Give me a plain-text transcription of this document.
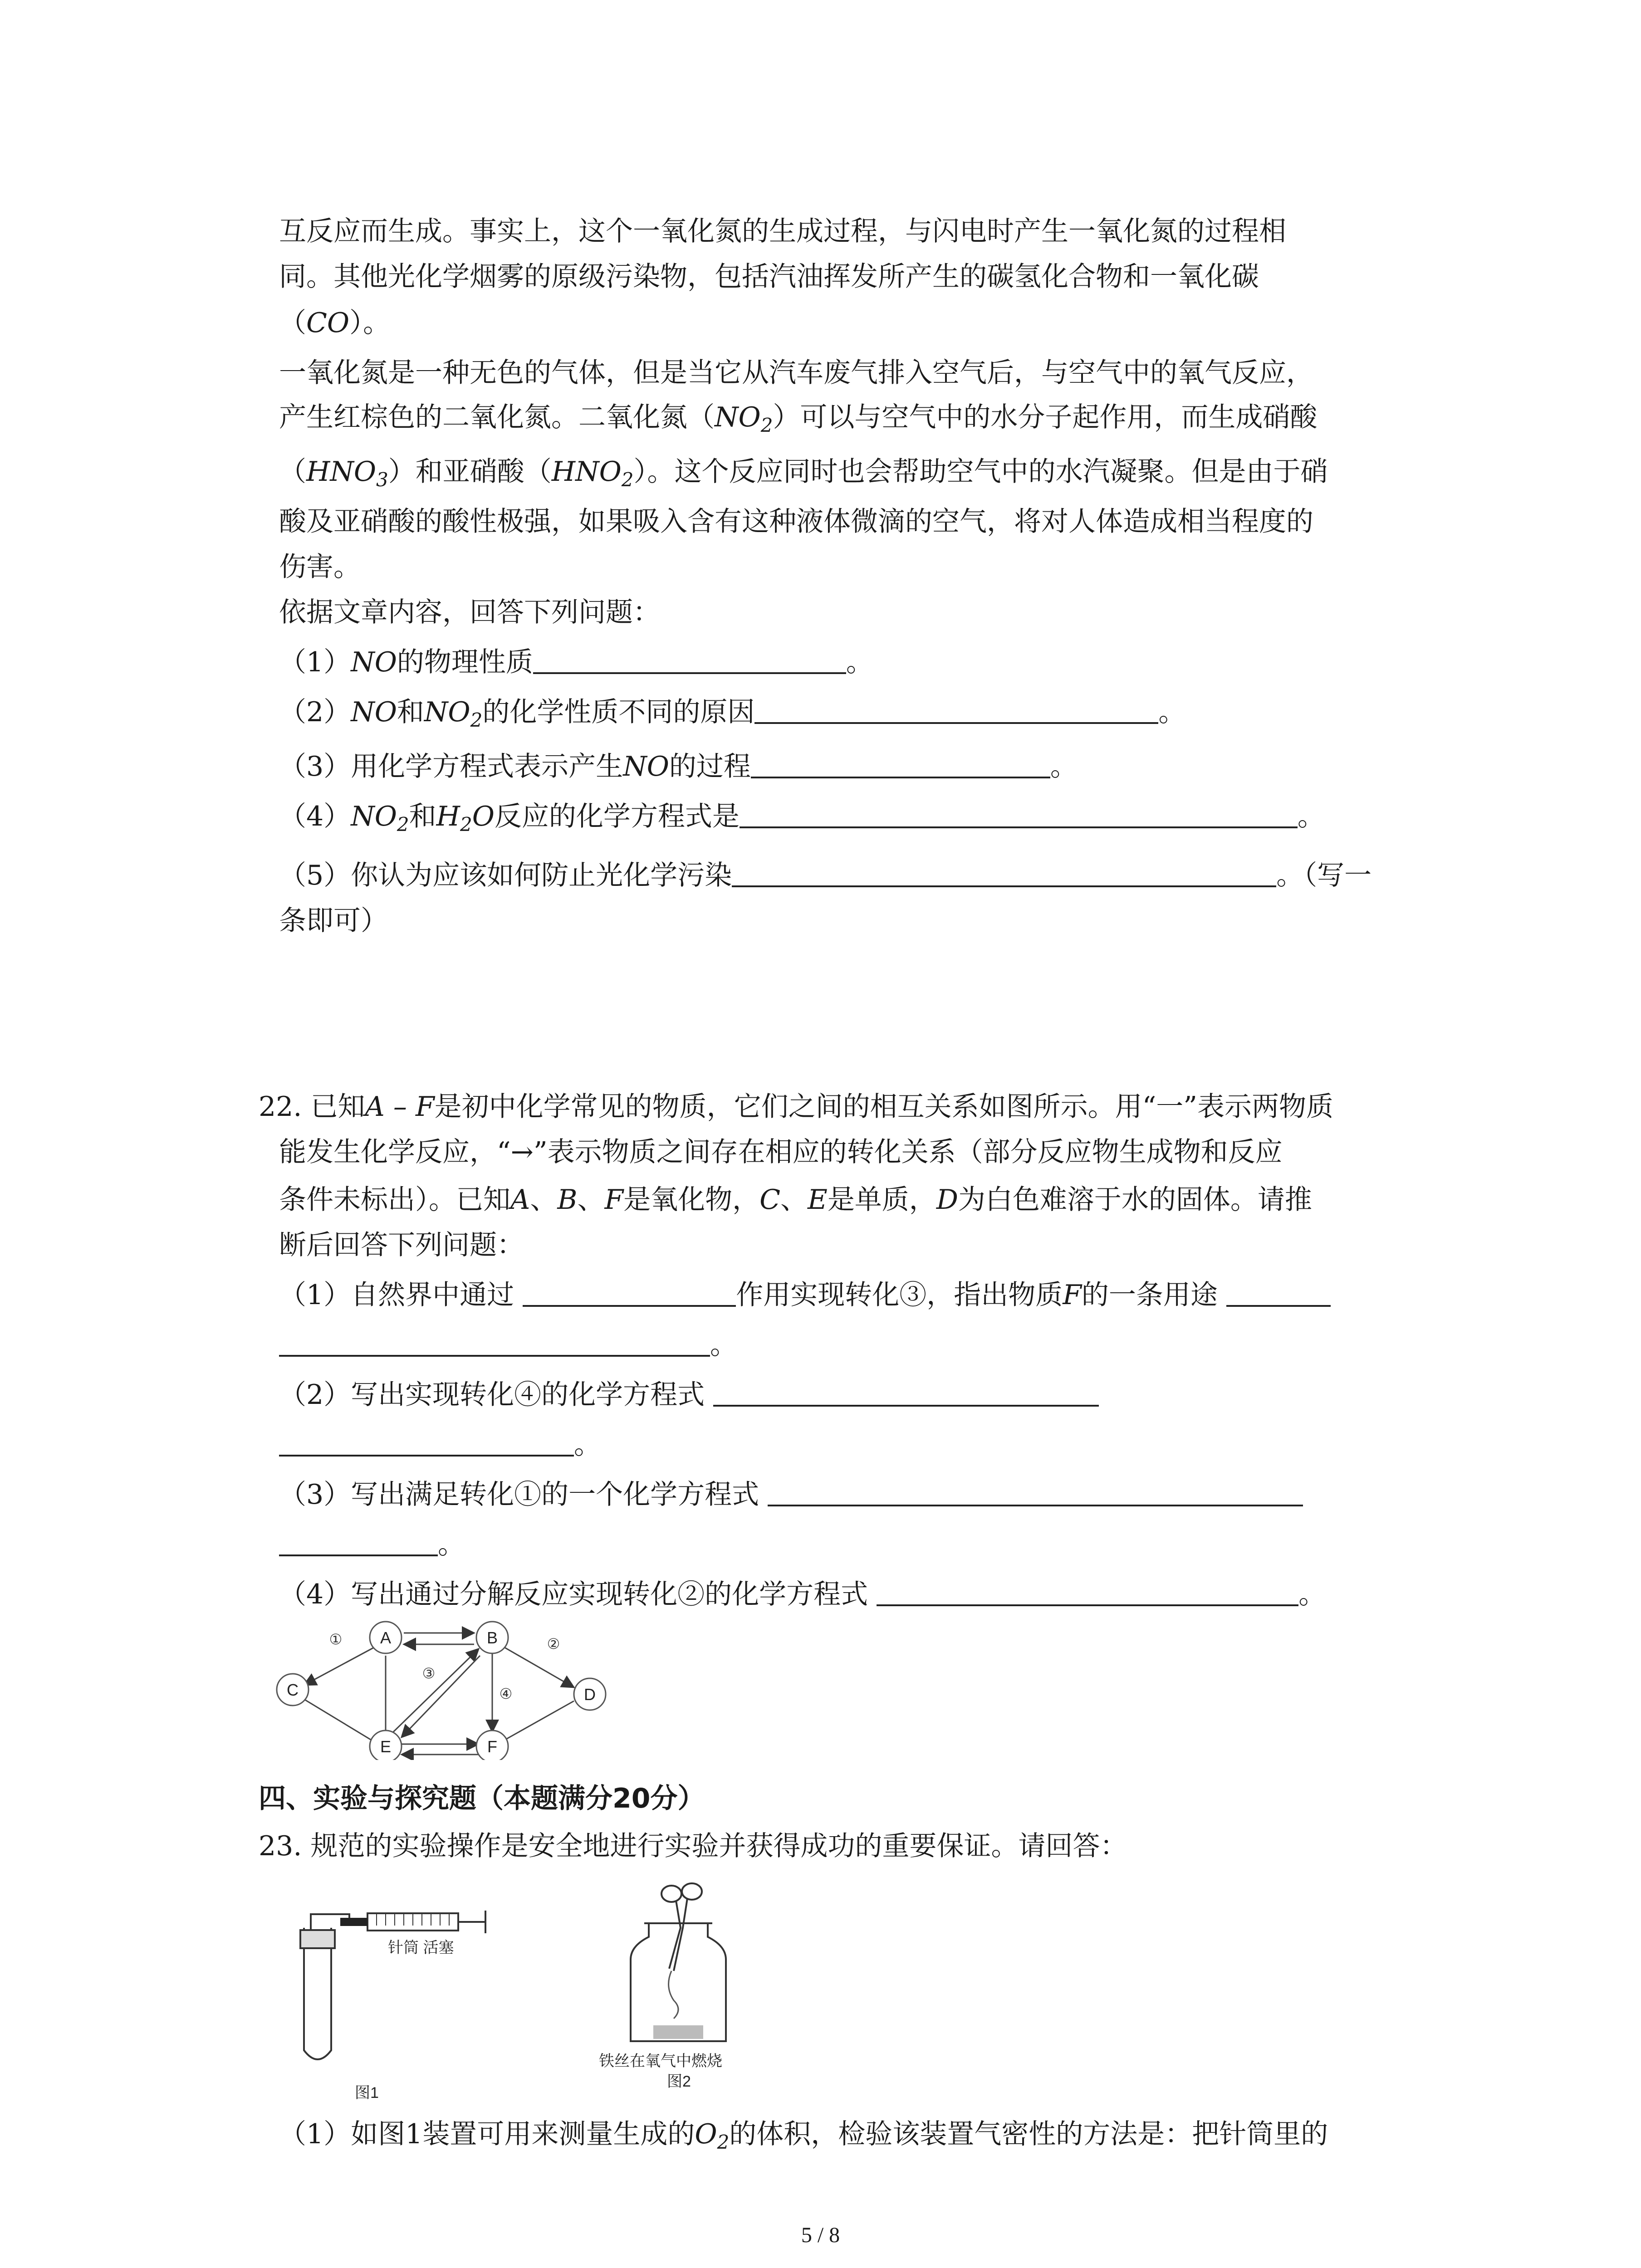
互反应而生成。事实上，这个一氧化氮的生成过程，与闪电时产生一氧化氮的过程相
同。其他光化学烟雾的原级污染物，包括汽油挥发所产生的碳氢化合物和一氧化碳
（CO）。
一氧化氮是一种无色的气体，但是当它从汽车废气排入空气后，与空气中的氧气反应，
产生红棕色的二氧化氮。二氧化氮$(NO_2)$可以与空气中的水分子起作用，而生成硝酸
$(HNO_3)$和亚硝酸$(HNO_2)$。这个反应同时也会帮助空气中的水汽凝聚。但是由于硝
酸及亚硝酸的酸性极强，如果吸入含有这种液体微滴的空气，将对人体造成相当程度的
伤害。
依据文章内容，回答下列问题：
（1）NO的物理性质	。
（2）NO和$NO_2$的化学性质不同的原因	。
（3）用化学方程式表示产生NO的过程	。
$(4)NO_2$和$H_2O$反应的化学方程式是	。
（5）你认为应该如何防止光化学污染	。（写一
条即可）
22. 已知A – F是初中化学常见的物质，它们之间的相互关系如图所示。用“一”表示两物质
能发生化学反应，“→”表示物质之间存在相应的转化关系（部分反应物生成物和反应
条件未标出）。已知A、B、F是氧化物，C、E是单质，D为白色难溶于水的固体。请推
断后回答下列问题：
（1）自然界中通过	作用实现转化③，指出物质F的一条用途
。
（2）写出实现转化④的化学方程式
。
（3）写出满足转化①的一个化学方程式
。
（4）写出通过分解反应实现转化②的化学方程式	。
A	B
C	D
E	F
①	②
③
④
四、实验与探究题（本题满分20分）
23. 规范的实验操作是安全地进行实验并获得成功的重要保证。请回答：
针筒 活塞
图1
铁丝在氧气中燃烧
图2
（1）如图1装置可用来测量生成的$O_2$的体积，检验该装置气密性的方法是：把针筒里的
5 / 8
